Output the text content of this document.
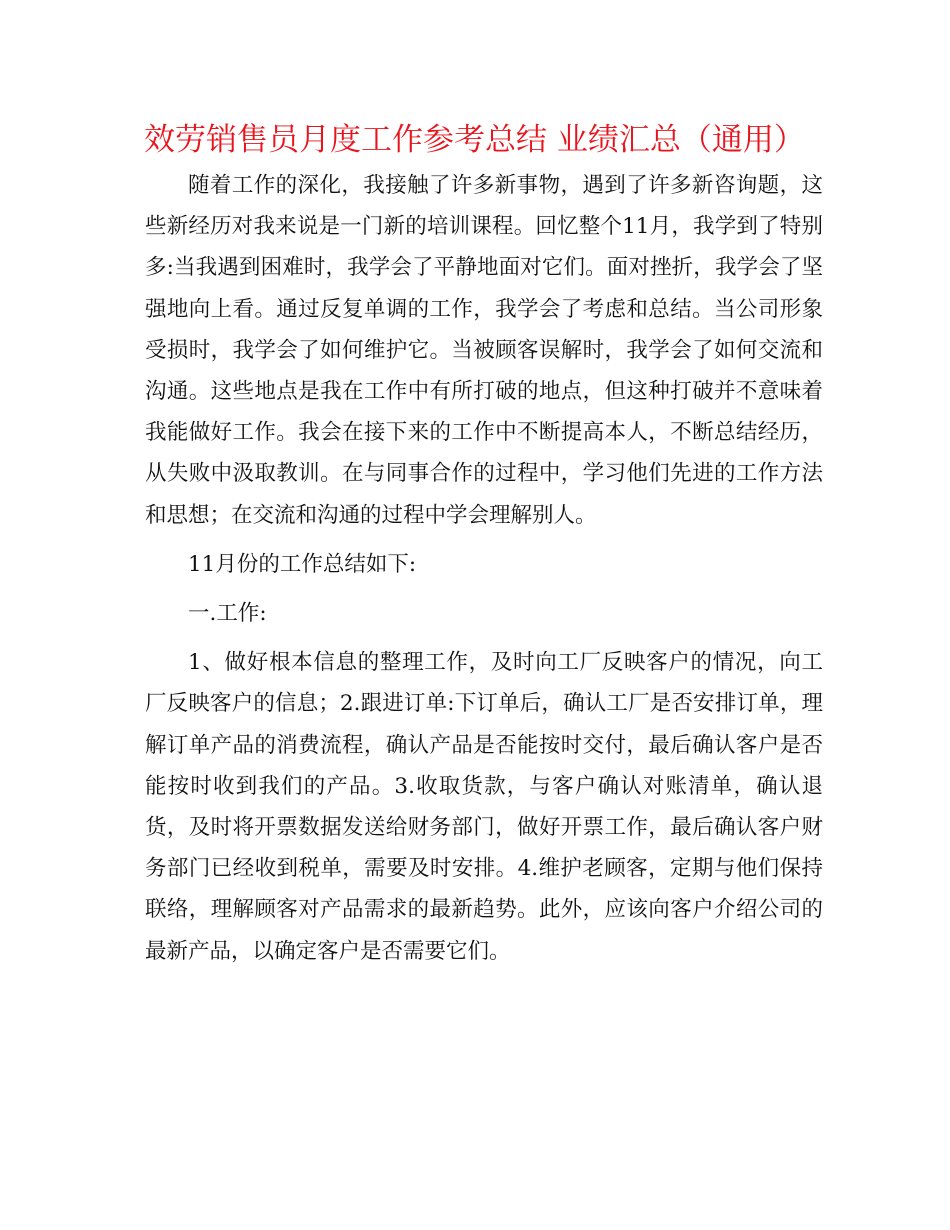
效劳销售员月度工作参考总结 业绩汇总（通用）

随着工作的深化，我接触了许多新事物，遇到了许多新咨询题，这些新经历对我来说是一门新的培训课程。回忆整个11月，我学到了特别多:当我遇到困难时，我学会了平静地面对它们。面对挫折，我学会了坚强地向上看。通过反复单调的工作，我学会了考虑和总结。当公司形象受损时，我学会了如何维护它。当被顾客误解时，我学会了如何交流和沟通。这些地点是我在工作中有所打破的地点，但这种打破并不意味着我能做好工作。我会在接下来的工作中不断提高本人，不断总结经历，从失败中汲取教训。在与同事合作的过程中，学习他们先进的工作方法和思想；在交流和沟通的过程中学会理解别人。

11月份的工作总结如下:

一.工作:

1、做好根本信息的整理工作，及时向工厂反映客户的情况，向工厂反映客户的信息；2.跟进订单:下订单后，确认工厂是否安排订单，理解订单产品的消费流程，确认产品是否能按时交付，最后确认客户是否能按时收到我们的产品。3.收取货款，与客户确认对账清单，确认退货，及时将开票数据发送给财务部门，做好开票工作，最后确认客户财务部门已经收到税单，需要及时安排。4.维护老顾客，定期与他们保持联络，理解顾客对产品需求的最新趋势。此外，应该向客户介绍公司的最新产品，以确定客户是否需要它们。
